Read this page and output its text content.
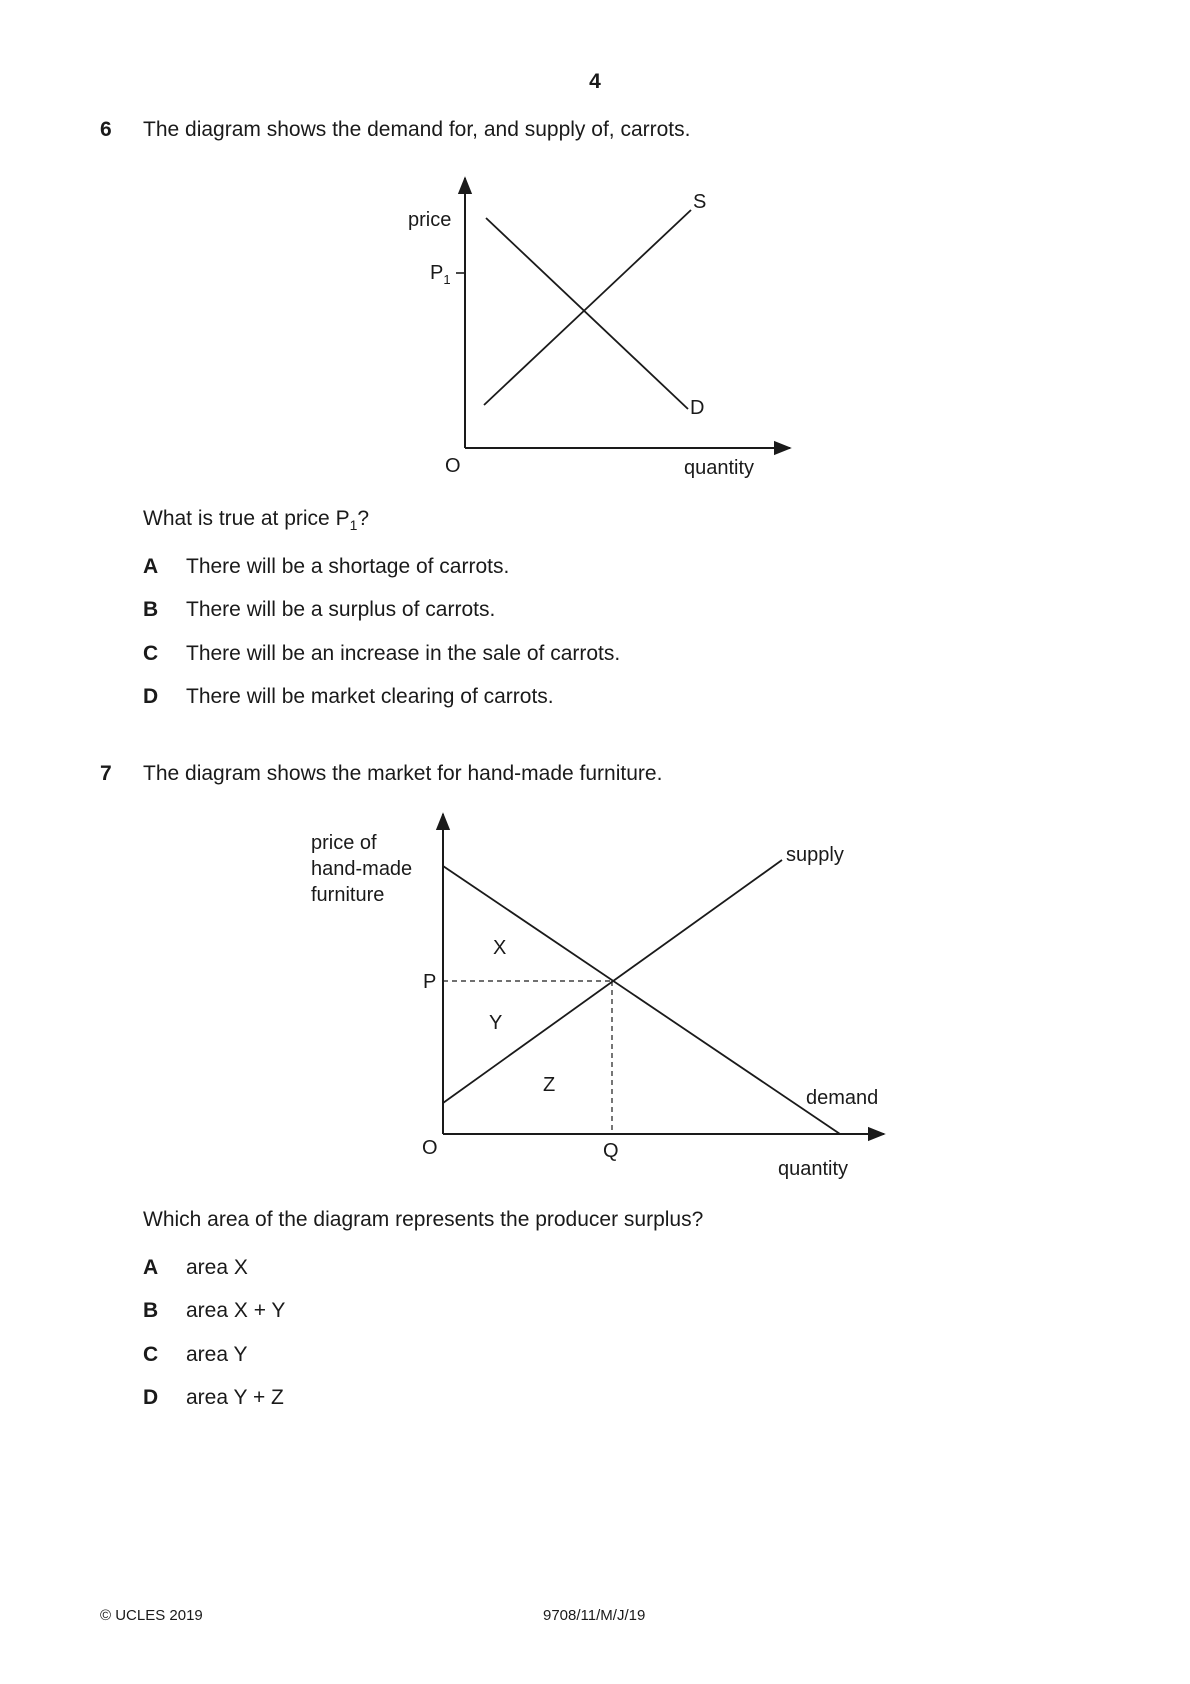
4
6 The diagram shows the demand for, and supply of, carrots.
price
$P_1$
O	quantity
S
D
price of hand-made furniture
supply
demand
P
Q
O
quantity
X
Y
Z
What is true at price $P_1$?
A There will be a shortage of carrots.
B There will be a surplus of carrots.
C There will be an increase in the sale of carrots.
D There will be market clearing of carrots.
7 The diagram shows the market for hand-made furniture.
Which area of the diagram represents the producer surplus?
A area X
B area X + Y
C area Y
D area Y + Z
© UCLES 2019	9708/11/M/J/19
